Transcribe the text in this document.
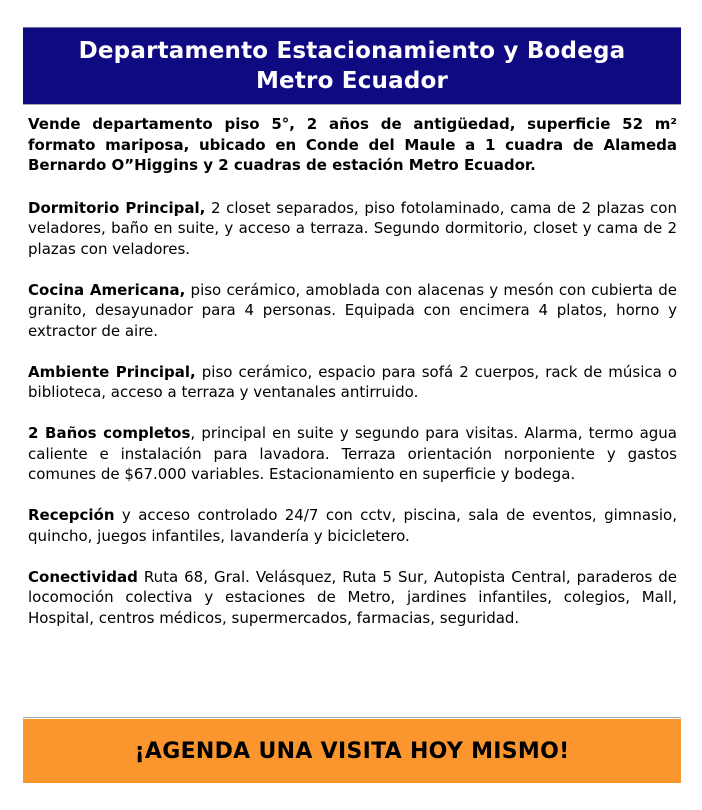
Departamento Estacionamiento y Bodega
Metro Ecuador

Vende departamento piso 5°, 2 años de antigüedad, superficie 52 m² formato mariposa, ubicado en Conde del Maule a 1 cuadra de Alameda Bernardo O”Higgins y 2 cuadras de estación Metro Ecuador.

Dormitorio Principal, 2 closet separados, piso fotolaminado, cama de 2 plazas con veladores, baño en suite, y acceso a terraza. Segundo dormitorio, closet y cama de 2 plazas con veladores.

Cocina Americana, piso cerámico, amoblada con alacenas y mesón con cubierta de granito, desayunador para 4 personas. Equipada con encimera 4 platos, horno y extractor de aire.

Ambiente Principal, piso cerámico, espacio para sofá 2 cuerpos, rack de música o biblioteca, acceso a terraza y ventanales antirruido.

2 Baños completos, principal en suite y segundo para visitas. Alarma, termo agua caliente e instalación para lavadora. Terraza orientación norponiente y gastos comunes de $67.000 variables. Estacionamiento en superficie y bodega.

Recepción y acceso controlado 24/7 con cctv, piscina, sala de eventos, gimnasio, quincho, juegos infantiles, lavandería y bicicletero.

Conectividad Ruta 68, Gral. Velásquez, Ruta 5 Sur, Autopista Central, paraderos de locomoción colectiva y estaciones de Metro, jardines infantiles, colegios, Mall, Hospital, centros médicos, supermercados, farmacias, seguridad.

¡AGENDA UNA VISITA HOY MISMO!
